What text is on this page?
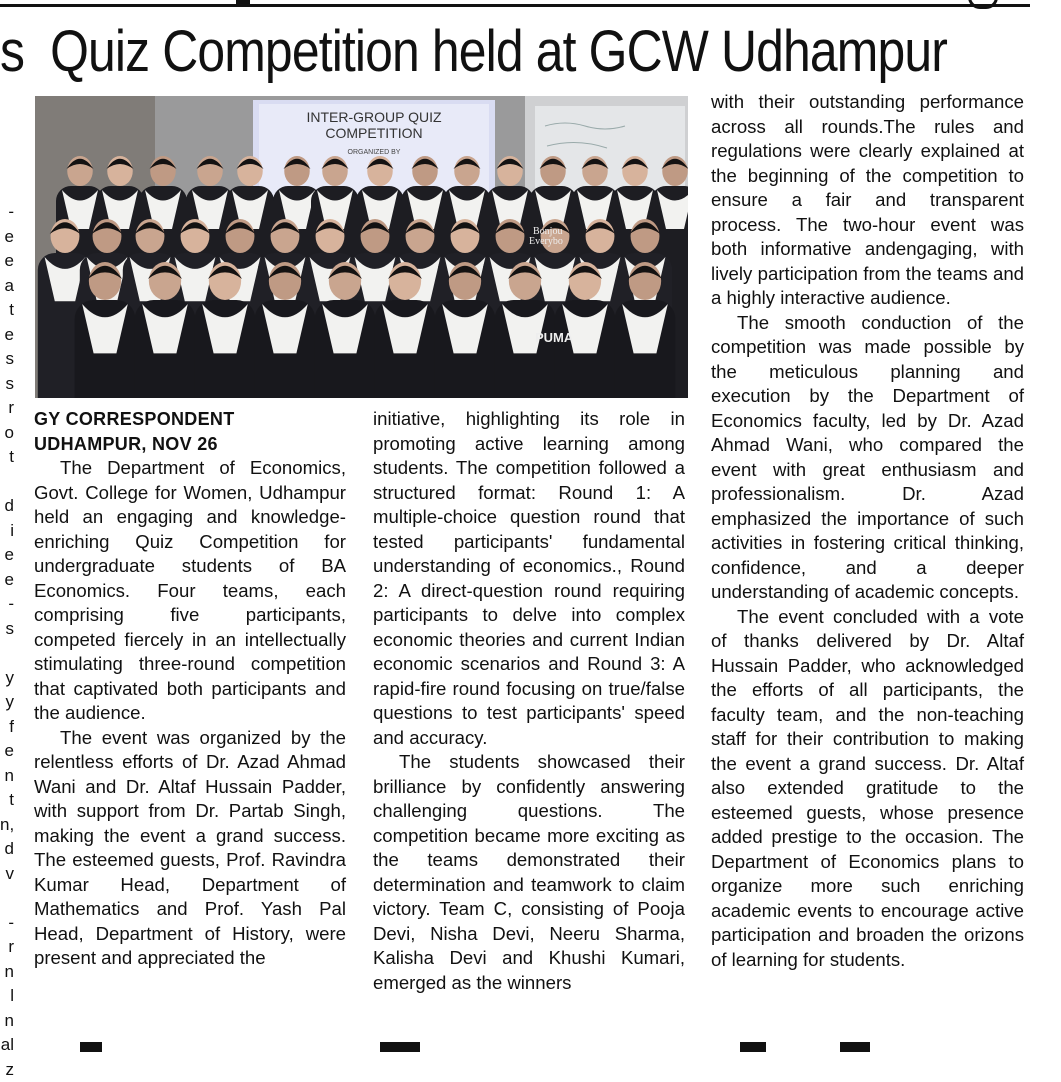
s Quiz Competition held at GCW Udhampur
-
e
e
a
t
e
s
s
r
o
t
d
i
e
e
-
s
y
y
f
e
n
t
n,
d
v
-
r
n
l
n
al
z
INTER-GROUP QUIZ
COMPETITION
ORGANIZED BY
Bonjou
Everybo
PUMA
GY CORRESPONDENT
UDHAMPUR, NOV 26

The Department of Economics, Govt. College for Women, Udhampur held an engaging and knowledge-enriching Quiz Competition for undergraduate students of BA Economics. Four teams, each comprising five participants, competed fiercely in an intellectually stimulating three-round competition that captivated both participants and the audience.

The event was organized by the relentless efforts of Dr. Azad Ahmad Wani and Dr. Altaf Hussain Padder, with support from Dr. Partab Singh, making the event a grand success. The esteemed guests, Prof. Ravindra Kumar Head, Department of Mathematics and Prof. Yash Pal Head, Department of History, were present and appreciated the

initiative, highlighting its role in promoting active learning among students. The competition followed a structured format: Round 1: A multiple-choice question round that tested participants' fundamental understanding of economics., Round 2: A direct-question round requiring participants to delve into complex economic theories and current Indian economic scenarios and Round 3: A rapid-fire round focusing on true/false questions to test participants' speed and accuracy.

The students showcased their brilliance by confidently answering challenging questions. The competition became more exciting as the teams demonstrated their determination and teamwork to claim victory. Team C, consisting of Pooja Devi, Nisha Devi, Neeru Sharma, Kalisha Devi and Khushi Kumari, emerged as the winners

with their outstanding performance across all rounds.The rules and regulations were clearly explained at the beginning of the competition to ensure a fair and transparent process. The two-hour event was both informative andengaging, with lively participation from the teams and a highly interactive audience.

The smooth conduction of the competition was made possible by the meticulous planning and execution by the Department of Economics faculty, led by Dr. Azad Ahmad Wani, who compared the event with great enthusiasm and professionalism. Dr. Azad emphasized the importance of such activities in fostering critical thinking, confidence, and a deeper understanding of academic concepts.

The event concluded with a vote of thanks delivered by Dr. Altaf Hussain Padder, who acknowledged the efforts of all participants, the faculty team, and the non-teaching staff for their contribution to making the event a grand success. Dr. Altaf also extended gratitude to the esteemed guests, whose presence added prestige to the occasion. The Department of Economics plans to organize more such enriching academic events to encourage active participation and broaden the orizons of learning for students.
